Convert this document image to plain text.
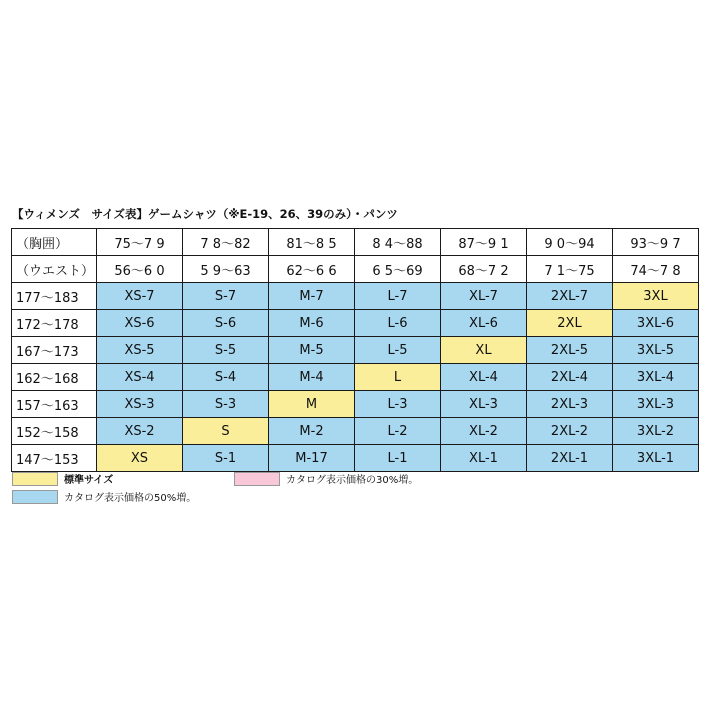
【ウィメンズ　サイズ表】ゲームシャツ（※E-19、26、39のみ）・パンツ
（胸囲）	75～7 9	7 8～82	81～8 5	8 4～88	87～9 1	9 0～94	93～9 7
（ウエスト）	56～6 0	5 9～63	62～6 6	6 5～69	68～7 2	7 1～75	74～7 8
177～183	XS-7	S-7	M-7	L-7	XL-7	2XL-7	3XL
172～178	XS-6	S-6	M-6	L-6	XL-6	2XL	3XL-6
167～173	XS-5	S-5	M-5	L-5	XL	2XL-5	3XL-5
162～168	XS-4	S-4	M-4	L	XL-4	2XL-4	3XL-4
157～163	XS-3	S-3	M	L-3	XL-3	2XL-3	3XL-3
152～158	XS-2	S	M-2	L-2	XL-2	2XL-2	3XL-2
147～153	XS	S-1	M-17	L-1	XL-1	2XL-1	3XL-1
標準サイズ
カタログ表示価格の50%増。
カタログ表示価格の30%増。
